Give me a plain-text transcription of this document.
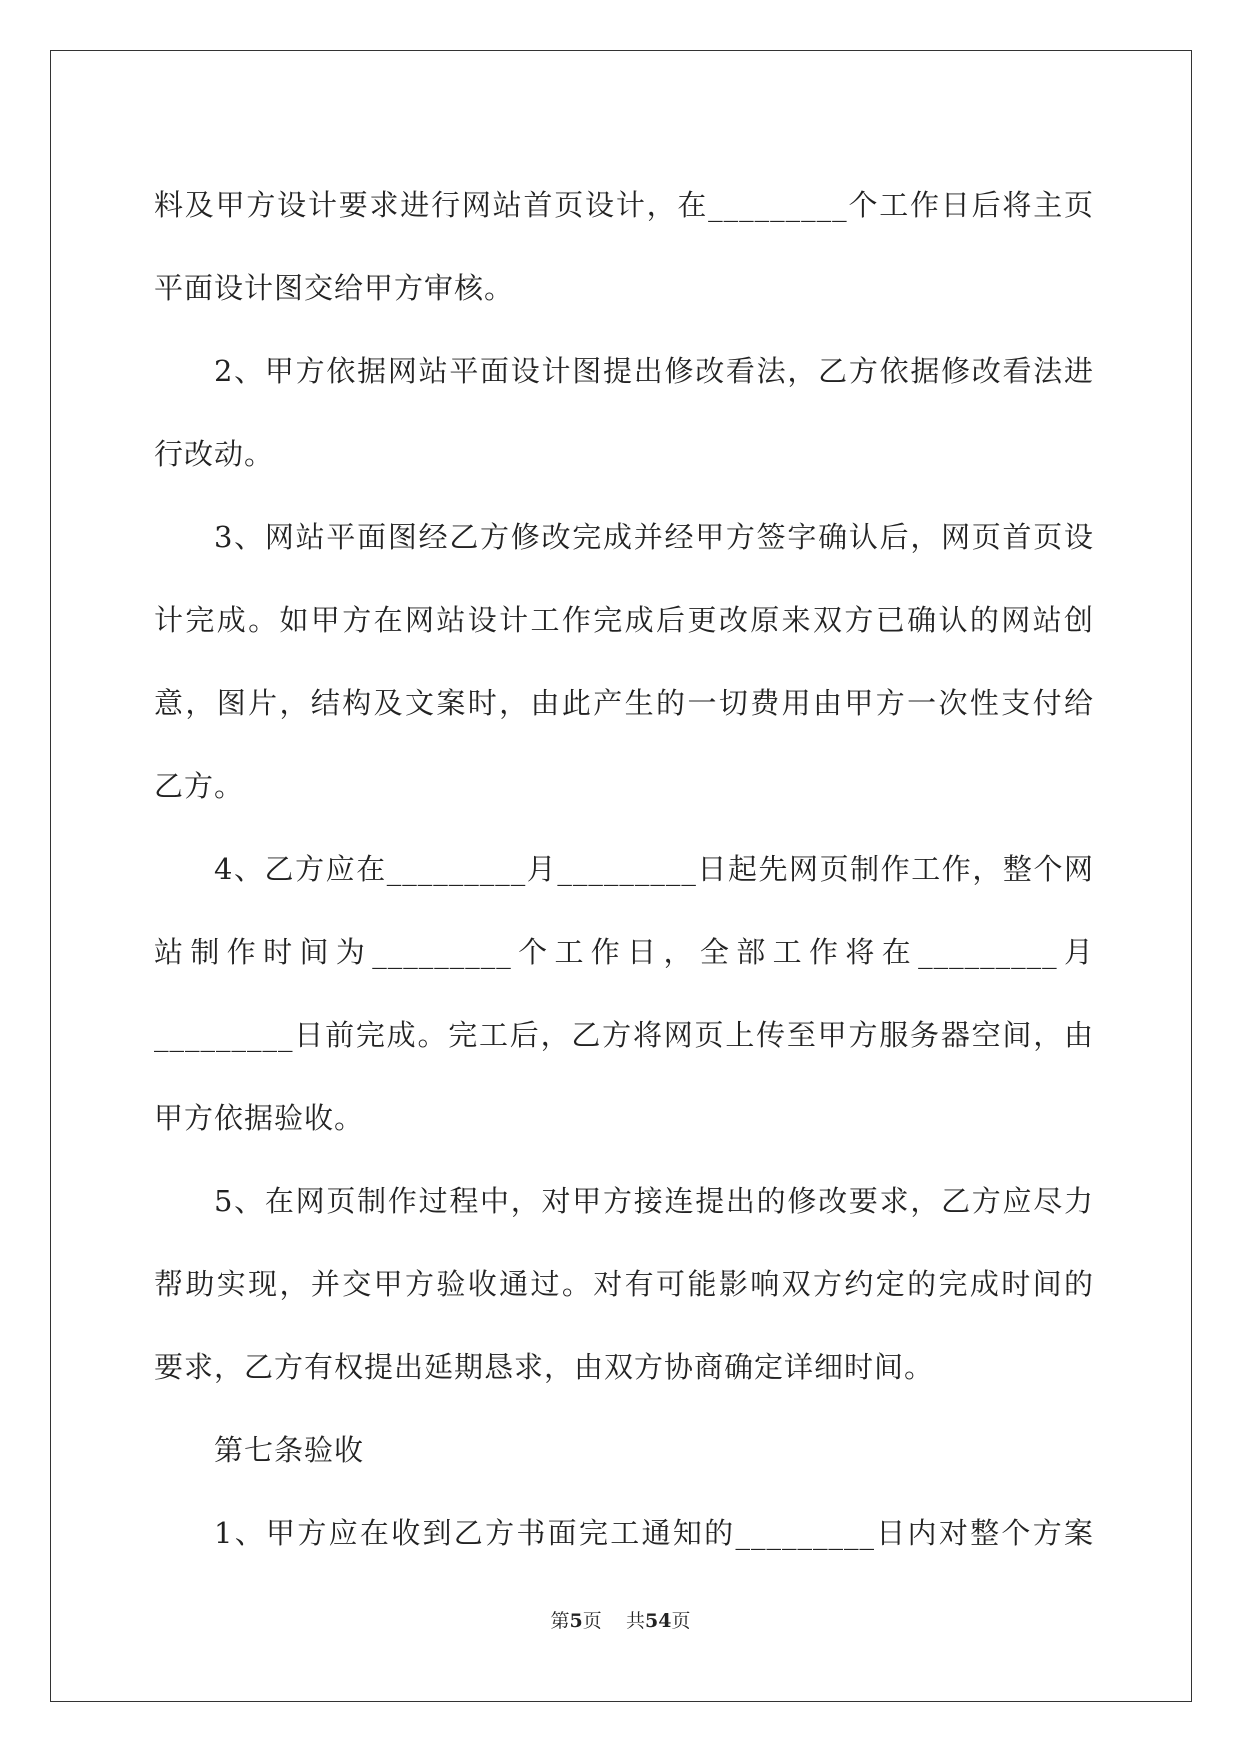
料及甲方设计要求进行网站首页设计，在_________个工作日后将主页
平面设计图交给甲方审核。
2、甲方依据网站平面设计图提出修改看法，乙方依据修改看法进
行改动。
3、网站平面图经乙方修改完成并经甲方签字确认后，网页首页设
计完成。如甲方在网站设计工作完成后更改原来双方已确认的网站创
意，图片，结构及文案时，由此产生的一切费用由甲方一次性支付给
乙方。
4、乙方应在_________月_________日起先网页制作工作，整个网
站制作时间为_________个工作日，全部工作将在_________月
_________日前完成。完工后，乙方将网页上传至甲方服务器空间，由
甲方依据验收。
5、在网页制作过程中，对甲方接连提出的修改要求，乙方应尽力
帮助实现，并交甲方验收通过。对有可能影响双方约定的完成时间的
要求，乙方有权提出延期恳求，由双方协商确定详细时间。
第七条验收
1、甲方应在收到乙方书面完工通知的_________日内对整个方案
第5页 共54页
